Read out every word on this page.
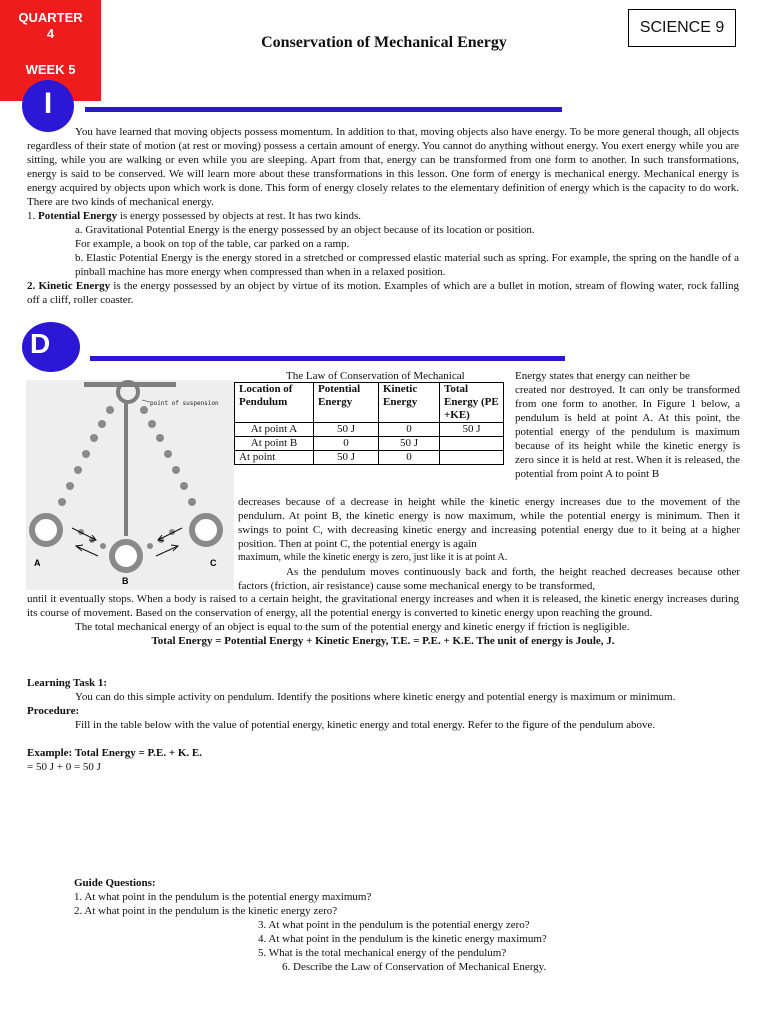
QUARTER
4
WEEK 5
SCIENCE 9
Conservation of Mechanical Energy
I

You have learned that moving objects possess momentum. In addition to that, moving objects also have energy. To be more general though, all objects regardless of their state of motion (at rest or moving) possess a certain amount of energy. You cannot do anything without energy. You exert energy while you are sitting, while you are walking or even while you are sleeping. Apart from that, energy can be transformed from one form to another. In such transformations, energy is said to be conserved. We will learn more about these transformations in this lesson. One form of energy is mechanical energy. Mechanical energy is energy acquired by objects upon which work is done. This form of energy closely relates to the elementary definition of energy which is the capacity to do work. There are two kinds of mechanical energy.

1. Potential Energy is energy possessed by objects at rest. It has two kinds.

a. Gravitational Potential Energy is the energy possessed by an object because of its location or position.

For example, a book on top of the table, car parked on a ramp.

b. Elastic Potential Energy is the energy stored in a stretched or compressed elastic material such as spring. For example, the spring on the handle of a pinball machine has more energy when compressed than when in a relaxed position.

2. Kinetic Energy is the energy possessed by an object by virtue of its motion. Examples of which are a bullet in motion, stream of flowing water, rock falling off a cliff, roller coaster.

D
The Law of Conservation of Mechanical	Energy states that energy can neither be
point of suspension
A
B
C
Location of Pendulum	Potential Energy	Kinetic Energy	Total Energy (PE +KE)
At point A	50 J	0	50 J
At point B	0	50 J	
At point	50 J	0	
created nor destroyed. It can only be transformed from one form to another. In Figure 1 below, a pendulum is held at point A. At this point, the potential energy of the pendulum is maximum because of its height while the kinetic energy is zero since it is held at rest. When it is released, the potential from point A to point B

decreases because of a decrease in height while the kinetic energy increases due to the movement of the pendulum. At point B, the kinetic energy is now maximum, while the potential energy is minimum. Then it swings to point C, with decreasing kinetic energy and increasing potential energy due to it being at a higher position. Then at point C, the potential energy is again

maximum, while the kinetic energy is zero, just like it is at point A.

As the pendulum moves continuously back and forth, the height reached decreases because other factors (friction, air resistance) cause some mechanical energy to be transformed,

until it eventually stops. When a body is raised to a certain height, the gravitational energy increases and when it is released, the kinetic energy increases during its course of movement. Based on the conservation of energy, all the potential energy is converted to kinetic energy upon reaching the ground.

The total mechanical energy of an object is equal to the sum of the potential energy and kinetic energy if friction is negligible.

Total Energy = Potential Energy + Kinetic Energy, T.E. = P.E. + K.E. The unit of energy is Joule, J.

Learning Task 1:

You can do this simple activity on pendulum. Identify the positions where kinetic energy and potential energy is maximum or minimum.

Procedure:

Fill in the table below with the value of potential energy, kinetic energy and total energy. Refer to the figure of the pendulum above.

Example: Total Energy = P.E. + K. E.

= 50 J + 0 = 50 J

Guide Questions:

1. At what point in the pendulum is the potential energy maximum?

2. At what point in the pendulum is the kinetic energy zero?

3. At what point in the pendulum is the potential energy zero?

4. At what point in the pendulum is the kinetic energy maximum?

5. What is the total mechanical energy of the pendulum?

6. Describe the Law of Conservation of Mechanical Energy.
